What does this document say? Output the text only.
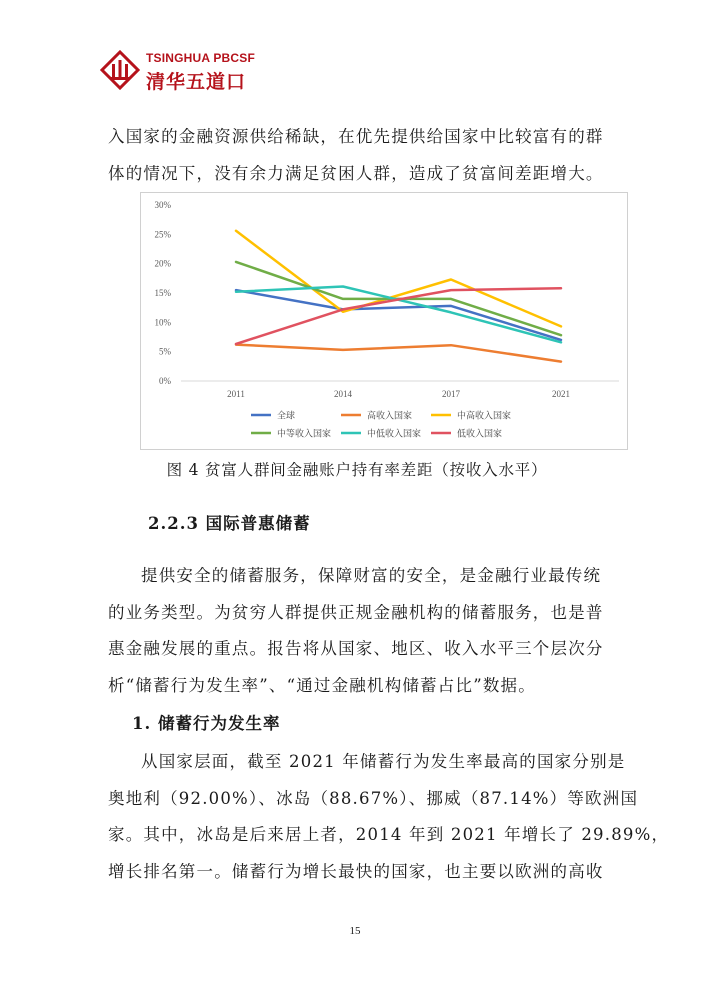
TSINGHUA PBCSF
清华五道口
入国家的金融资源供给稀缺，在优先提供给国家中比较富有的群
体的情况下，没有余力满足贫困人群，造成了贫富间差距增大。
0%
5%
10%
15%
20%
25%
30%
2011	2014	2017	2021
全球	高收入国家	中高收入国家
中等收入国家	中低收入国家	低收入国家
图 4 贫富人群间金融账户持有率差距（按收入水平）
2.2.3 国际普惠储蓄
提供安全的储蓄服务，保障财富的安全，是金融行业最传统
的业务类型。为贫穷人群提供正规金融机构的储蓄服务，也是普
惠金融发展的重点。报告将从国家、地区、收入水平三个层次分
析“储蓄行为发生率”、“通过金融机构储蓄占比”数据。
1. 储蓄行为发生率
从国家层面，截至 2021 年储蓄行为发生率最高的国家分别是
奥地利（92.00%）、冰岛（88.67%）、挪威（87.14%）等欧洲国
家。其中，冰岛是后来居上者，2014 年到 2021 年增长了 29.89%，
增长排名第一。储蓄行为增长最快的国家，也主要以欧洲的高收
15
